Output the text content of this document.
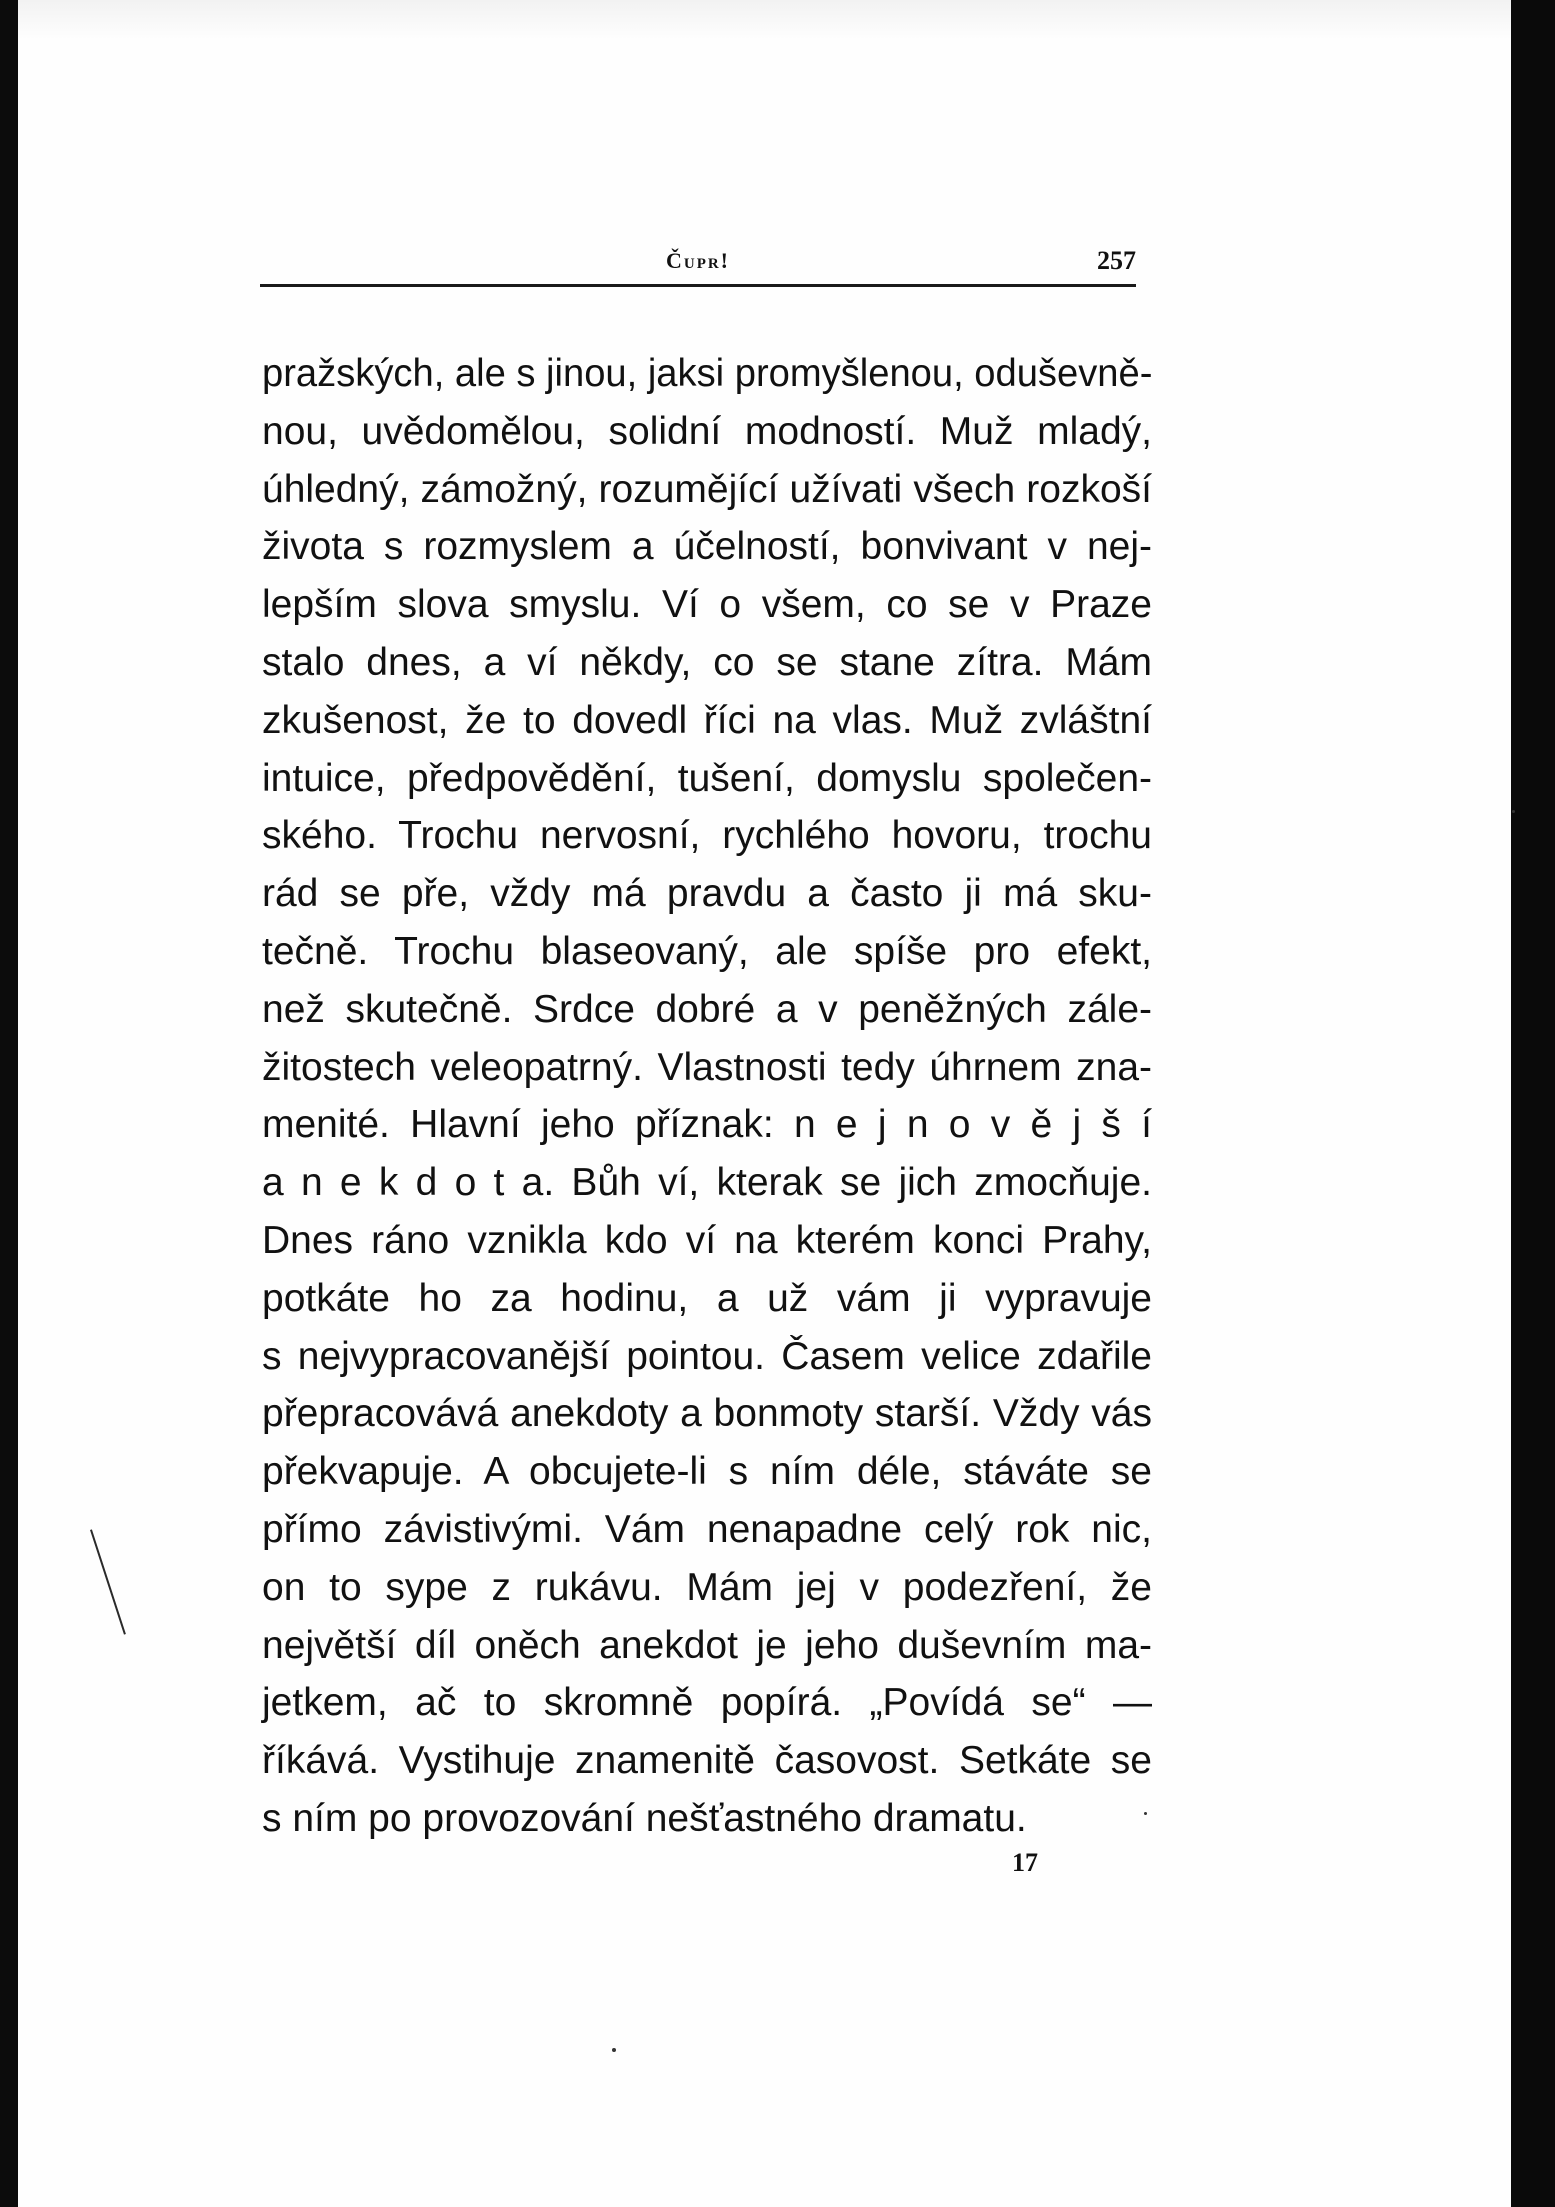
Čupr!	257
pražských, ale s jinou, jaksi promyšlenou, oduševně-
nou, uvědomělou, solidní modností. Muž mladý,
úhledný, zámožný, rozumějící užívati všech rozkoší
života s rozmyslem a účelností, bonvivant v nej-
lepším slova smyslu. Ví o všem, co se v Praze
stalo dnes, a ví někdy, co se stane zítra. Mám
zkušenost, že to dovedl říci na vlas. Muž zvláštní
intuice, předpovědění, tušení, domyslu společen-
ského. Trochu nervosní, rychlého hovoru, trochu
rád se pře, vždy má pravdu a často ji má sku-
tečně. Trochu blaseovaný, ale spíše pro efekt,
než skutečně. Srdce dobré a v peněžných zále-
žitostech veleopatrný. Vlastnosti tedy úhrnem zna-
menité. Hlavní jeho příznak: n e j n o v ě j š í
a n e k d o t a. Bůh ví, kterak se jich zmocňuje.
Dnes ráno vznikla kdo ví na kterém konci Prahy,
potkáte ho za hodinu, a už vám ji vypravuje
s nejvypracovanější pointou. Časem velice zdařile
přepracovává anekdoty a bonmoty starší. Vždy vás
překvapuje. A obcujete-li s ním déle, stáváte se
přímo závistivými. Vám nenapadne celý rok nic,
on to sype z rukávu. Mám jej v podezření, že
největší díl oněch anekdot je jeho duševním ma-
jetkem, ač to skromně popírá. „Povídá se“ —
říkává. Vystihuje znamenitě časovost. Setkáte se
s ním po provozování nešťastného dramatu.
17
